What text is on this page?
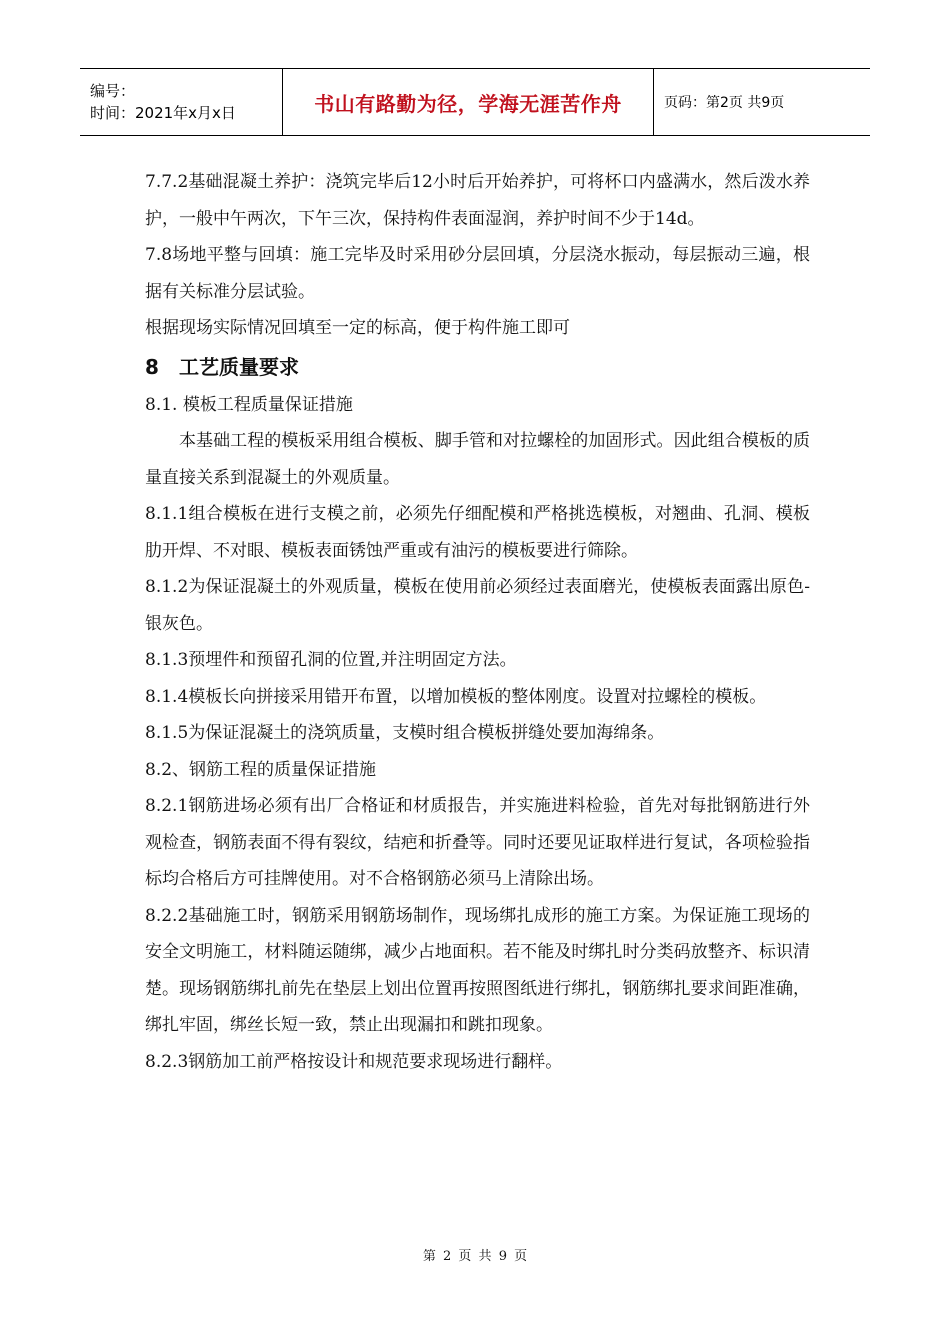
编号：
时间：2021年x月x日	书山有路勤为径，学海无涯苦作舟	页码：第2页 共9页

7.7.2基础混凝土养护：浇筑完毕后12小时后开始养护，可将杯口内盛满水，然后泼水养护，一般中午两次，下午三次，保持构件表面湿润，养护时间不少于14d。

7.8场地平整与回填：施工完毕及时采用砂分层回填，分层浇水振动，每层振动三遍，根据有关标准分层试验。

根据现场实际情况回填至一定的标高，便于构件施工即可

8 工艺质量要求

8.1. 模板工程质量保证措施

本基础工程的模板采用组合模板、脚手管和对拉螺栓的加固形式。因此组合模板的质量直接关系到混凝土的外观质量。

8.1.1组合模板在进行支模之前，必须先仔细配模和严格挑选模板，对翘曲、孔洞、模板肋开焊、不对眼、模板表面锈蚀严重或有油污的模板要进行筛除。

8.1.2为保证混凝土的外观质量，模板在使用前必须经过表面磨光，使模板表面露出原色-银灰色。

8.1.3预埋件和预留孔洞的位置,并注明固定方法。

8.1.4模板长向拼接采用错开布置，以增加模板的整体刚度。设置对拉螺栓的模板。

8.1.5为保证混凝土的浇筑质量，支模时组合模板拼缝处要加海绵条。

8.2、钢筋工程的质量保证措施

8.2.1钢筋进场必须有出厂合格证和材质报告，并实施进料检验，首先对每批钢筋进行外观检查，钢筋表面不得有裂纹，结疤和折叠等。同时还要见证取样进行复试，各项检验指标均合格后方可挂牌使用。对不合格钢筋必须马上清除出场。

8.2.2基础施工时，钢筋采用钢筋场制作，现场绑扎成形的施工方案。为保证施工现场的安全文明施工，材料随运随绑，减少占地面积。若不能及时绑扎时分类码放整齐、标识清楚。现场钢筋绑扎前先在垫层上划出位置再按照图纸进行绑扎，钢筋绑扎要求间距准确，绑扎牢固，绑丝长短一致，禁止出现漏扣和跳扣现象。

8.2.3钢筋加工前严格按设计和规范要求现场进行翻样。

第 2 页 共 9 页
